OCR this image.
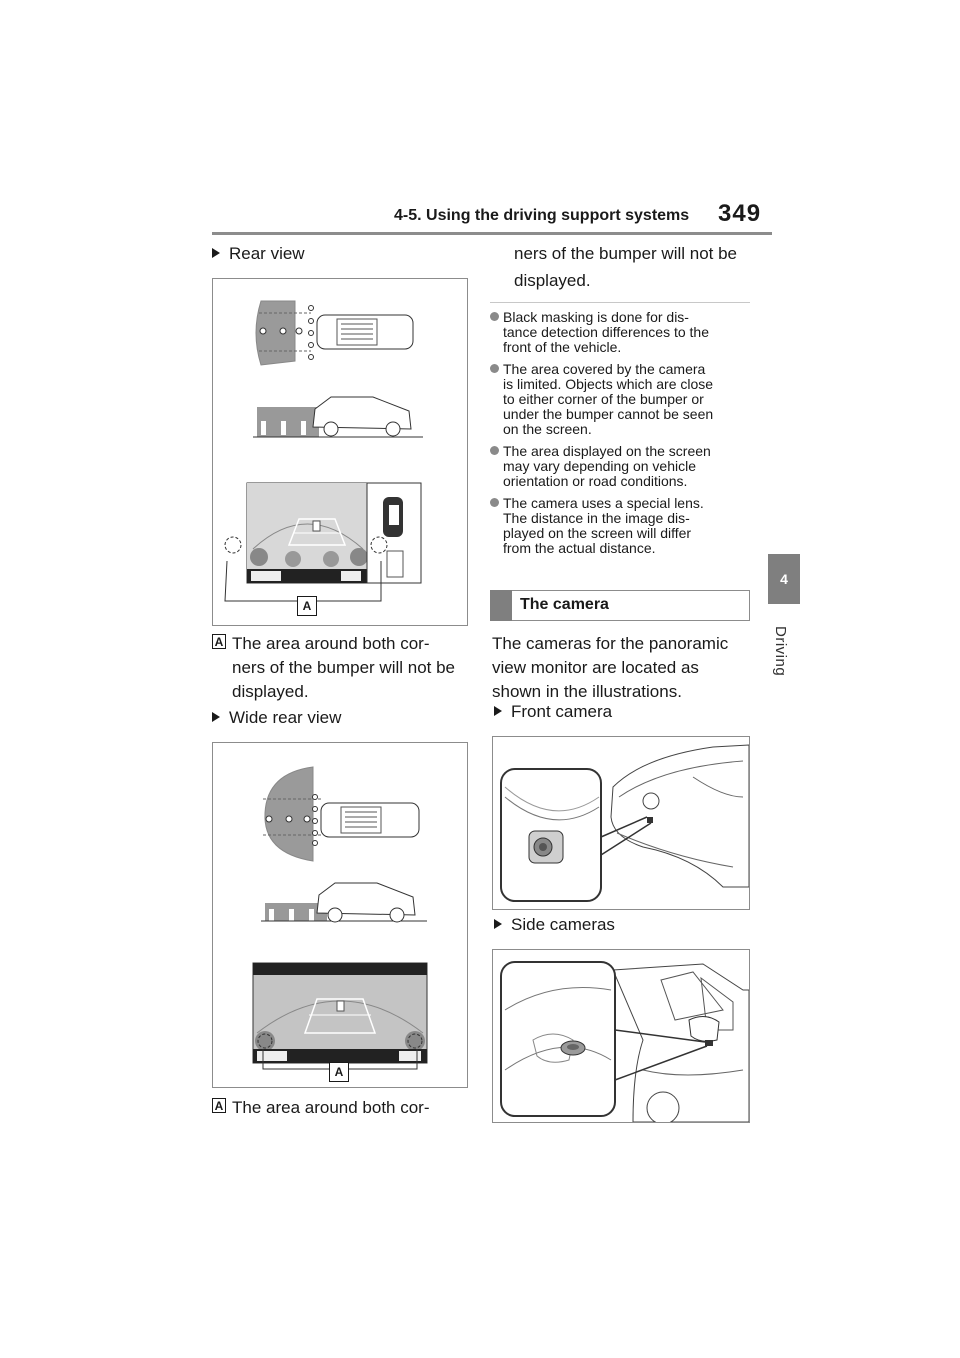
4-5. Using the driving support systems 349
4
Driving
Rear view
A
A The area around both cor-
ners of the bumper will not be
displayed.
Wide rear view
A
A The area around both cor-
ners of the bumper will not be
displayed.
Black masking is done for dis-
tance detection differences to the
front of the vehicle.
The area covered by the camera
is limited. Objects which are close
to either corner of the bumper or
under the bumper cannot be seen
on the screen.
The area displayed on the screen
may vary depending on vehicle
orientation or road conditions.
The camera uses a special lens.
The distance in the image dis-
played on the screen will differ
from the actual distance.
The camera
The cameras for the panoramic
view monitor are located as
shown in the illustrations.
Front camera
Side cameras
